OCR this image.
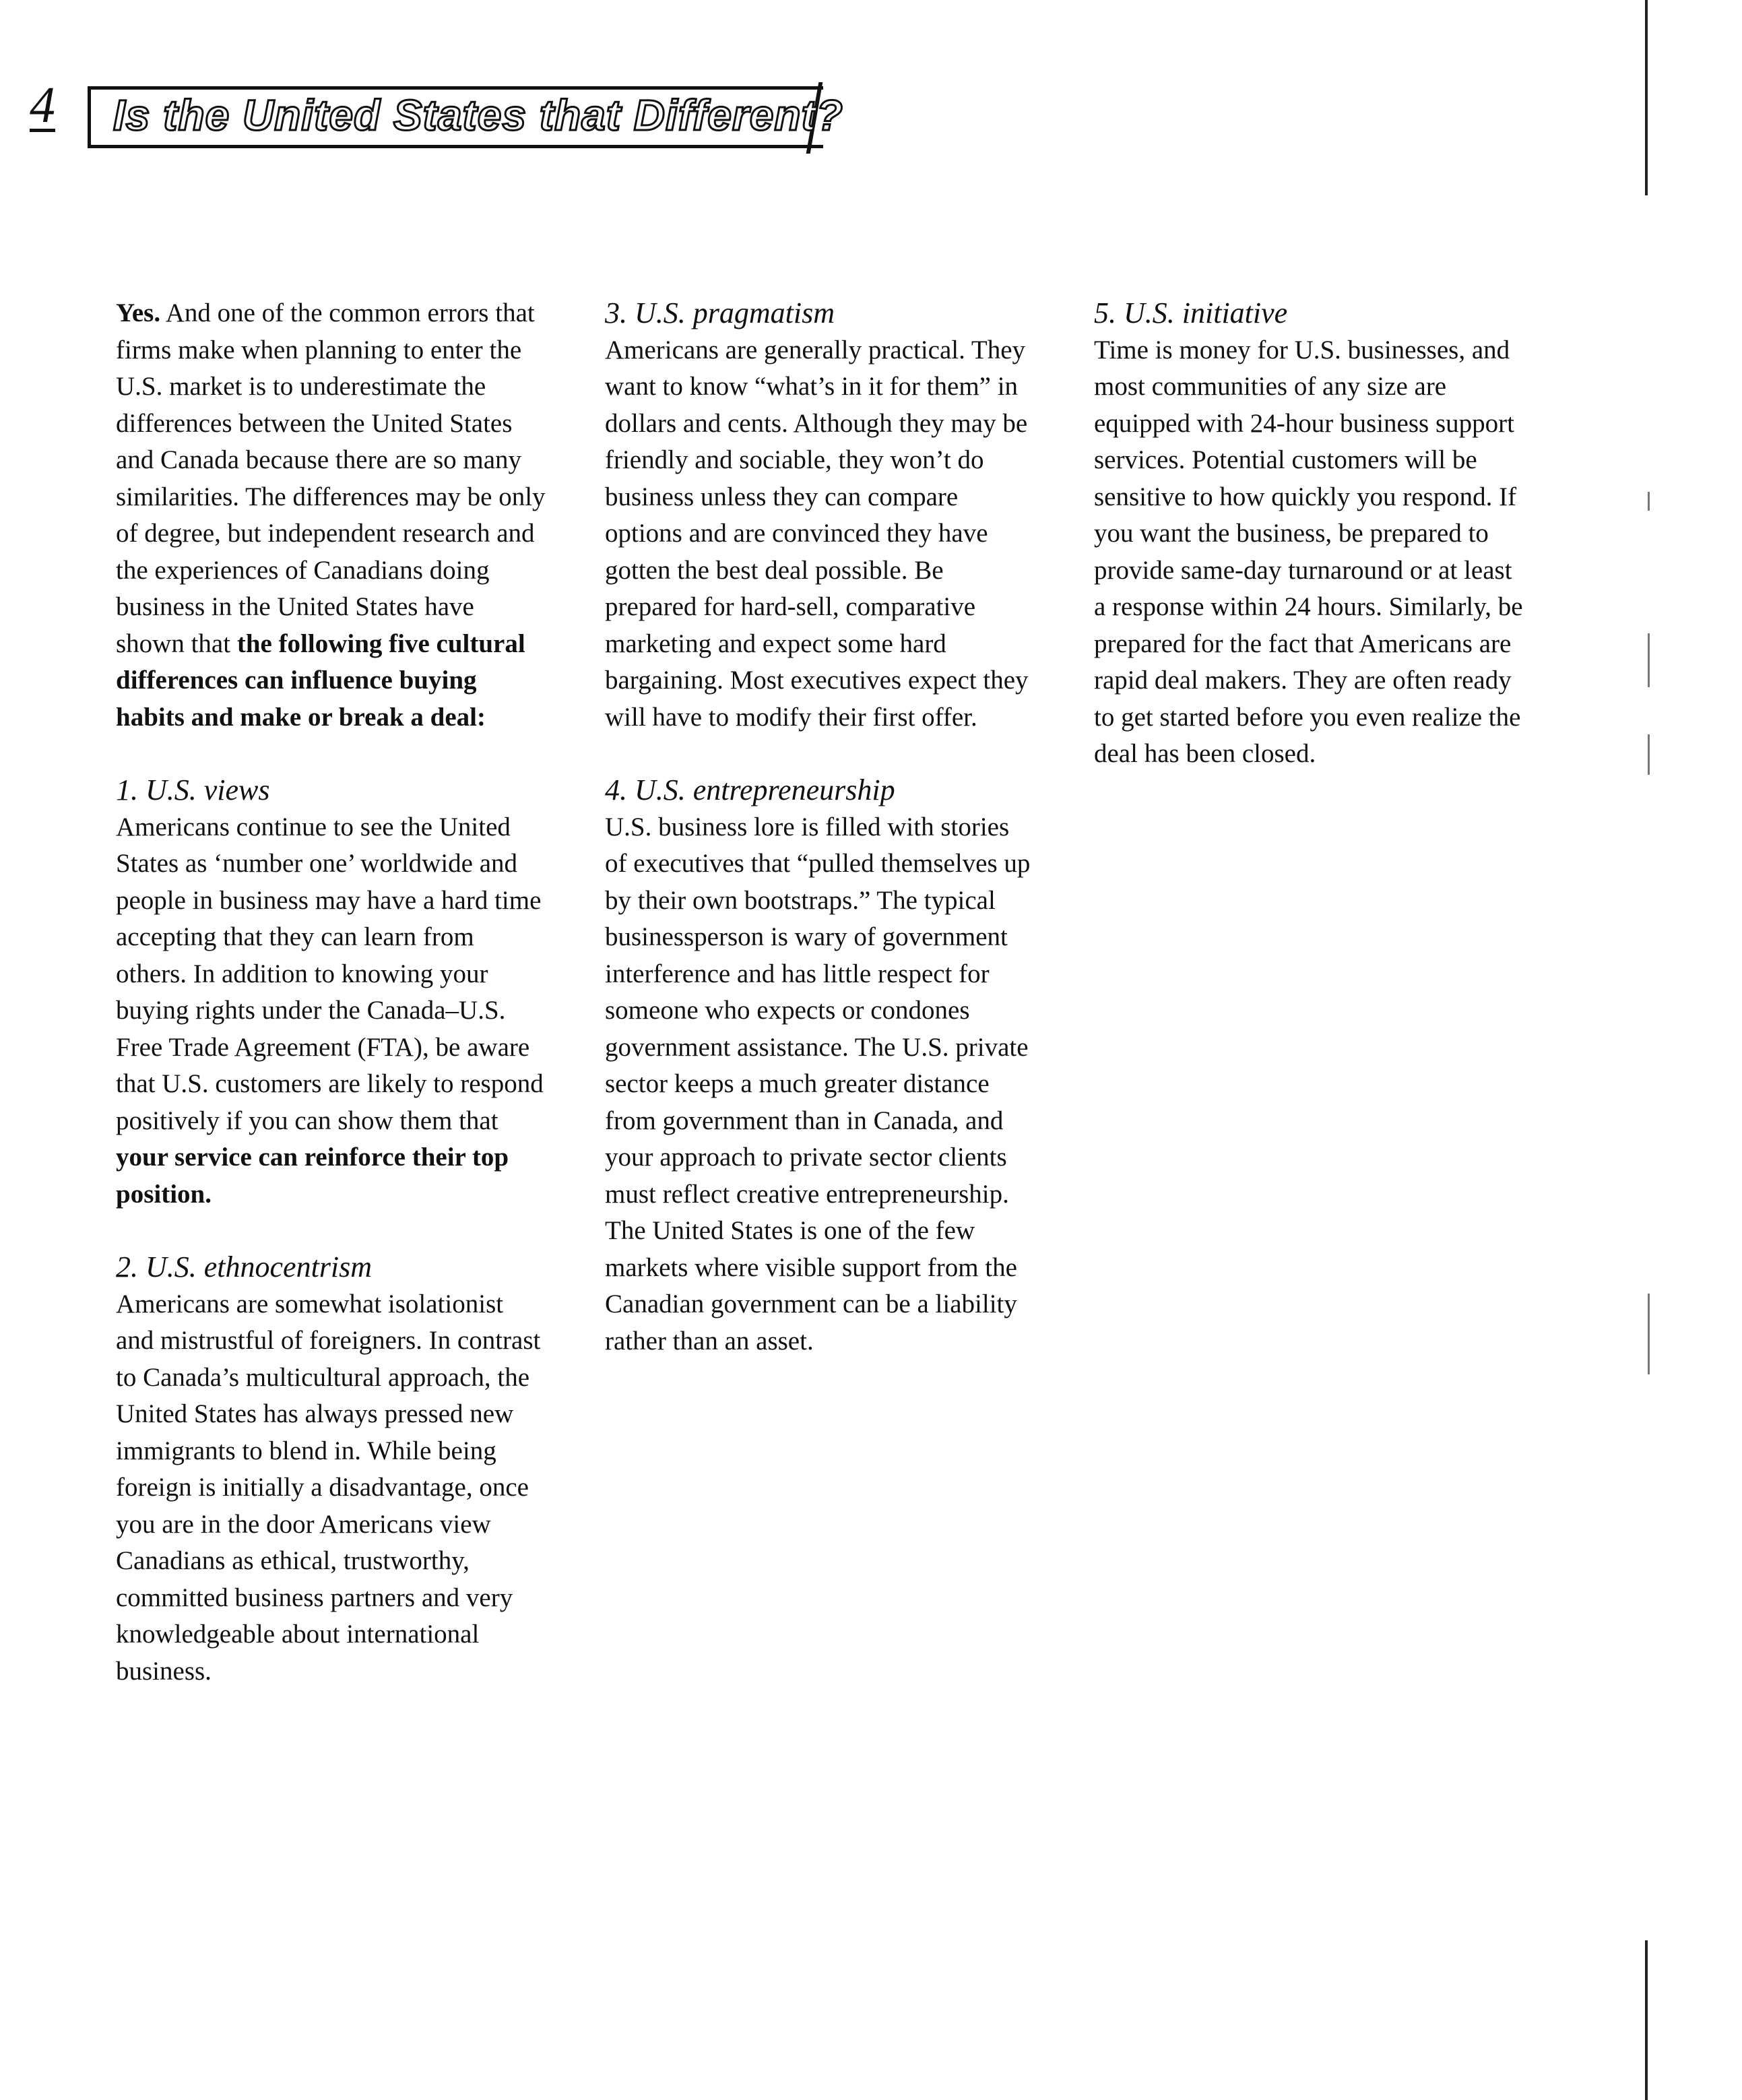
4 Is the United States that Different?

Yes. And one of the common errors that firms make when planning to enter the U.S. market is to underestimate the differences between the United States and Canada because there are so many similarities. The differences may be only of degree, but independent research and the experiences of Canadians doing business in the United States have shown that the following five cultural differences can influence buying habits and make or break a deal:

1. U.S. views

Americans continue to see the United States as ‘number one’ worldwide and people in business may have a hard time accepting that they can learn from others. In addition to knowing your buying rights under the Canada–U.S. Free Trade Agreement (FTA), be aware that U.S. customers are likely to respond positively if you can show them that your service can reinforce their top position.

2. U.S. ethnocentrism

Americans are somewhat isolationist and mistrustful of foreigners. In contrast to Canada’s multicultural approach, the United States has always pressed new immigrants to blend in. While being foreign is initially a disadvantage, once you are in the door Americans view Canadians as ethical, trustworthy, committed business partners and very knowledgeable about international business.

3. U.S. pragmatism

Americans are generally practical. They want to know “what’s in it for them” in dollars and cents. Although they may be friendly and sociable, they won’t do business unless they can compare options and are convinced they have gotten the best deal possible. Be prepared for hard-sell, comparative marketing and expect some hard bargaining. Most executives expect they will have to modify their first offer.

4. U.S. entrepreneurship

U.S. business lore is filled with stories of executives that “pulled themselves up by their own bootstraps.” The typical businessperson is wary of government interference and has little respect for someone who expects or condones government assistance. The U.S. private sector keeps a much greater distance from government than in Canada, and your approach to private sector clients must reflect creative entrepreneurship. The United States is one of the few markets where visible support from the Canadian government can be a liability rather than an asset.

5. U.S. initiative

Time is money for U.S. businesses, and most communities of any size are equipped with 24-hour business support services. Potential customers will be sensitive to how quickly you respond. If you want the business, be prepared to provide same-day turnaround or at least a response within 24 hours. Similarly, be prepared for the fact that Americans are rapid deal makers. They are often ready to get started before you even realize the deal has been closed.
